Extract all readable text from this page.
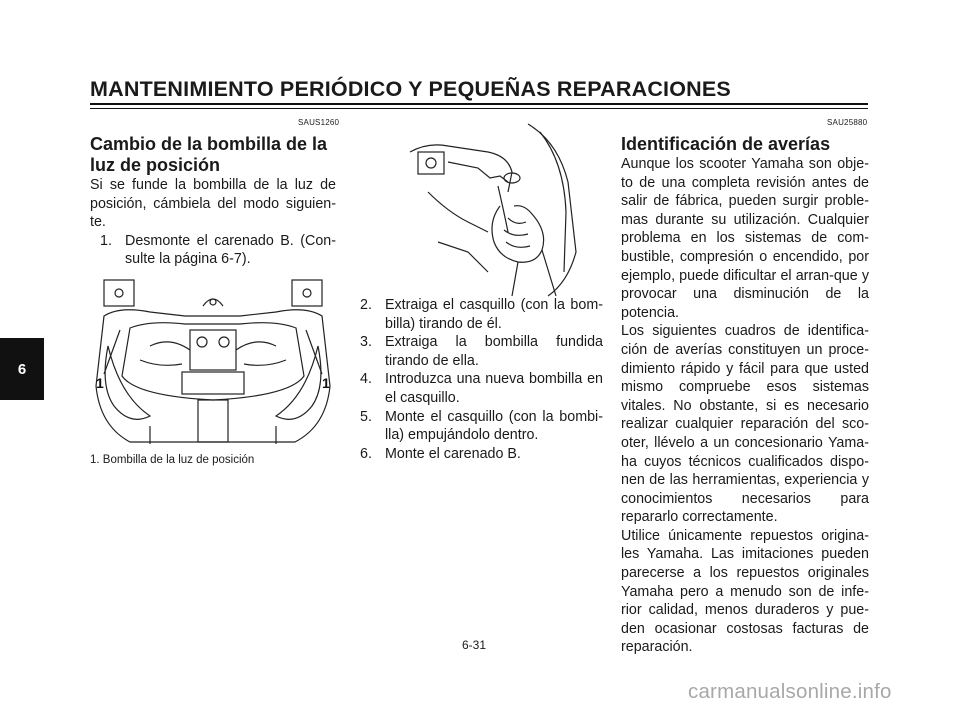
MANTENIMIENTO PERIÓDICO Y PEQUEÑAS REPARACIONES
6
SAUS1260
Cambio de la bombilla de la
luz de posición

Si se funde la bombilla de la luz de posición, cámbiela del modo siguien-te.

1. Desmonte el carenado B. (Con-sulte la página 6-7).
1	1
1. Bombilla de la luz de posición
2. Extraiga el casquillo (con la bom-billa) tirando de él.
3. Extraiga la bombilla fundida tirando de ella.
4. Introduzca una nueva bombilla en el casquillo.
5. Monte el casquillo (con la bombi-lla) empujándolo dentro.
6. Monte el carenado B.
SAU25880
Identificación de averías

Aunque los scooter Yamaha son obje-to de una completa revisión antes de salir de fábrica, pueden surgir proble-mas durante su utilización. Cualquier problema en los sistemas de com-bustible, compresión o encendido, por ejemplo, puede dificultar el arran-que y provocar una disminución de la potencia.

Los siguientes cuadros de identifica-ción de averías constituyen un proce-dimiento rápido y fácil para que usted mismo compruebe esos sistemas vitales. No obstante, si es necesario realizar cualquier reparación del sco-oter, llévelo a un concesionario Yama-ha cuyos técnicos cualificados dispo-nen de las herramientas, experiencia y conocimientos necesarios para repararlo correctamente.

Utilice únicamente repuestos origina-les Yamaha. Las imitaciones pueden parecerse a los repuestos originales Yamaha pero a menudo son de infe-rior calidad, menos duraderos y pue-den ocasionar costosas facturas de reparación.

6-31
carmanualsonline.info
